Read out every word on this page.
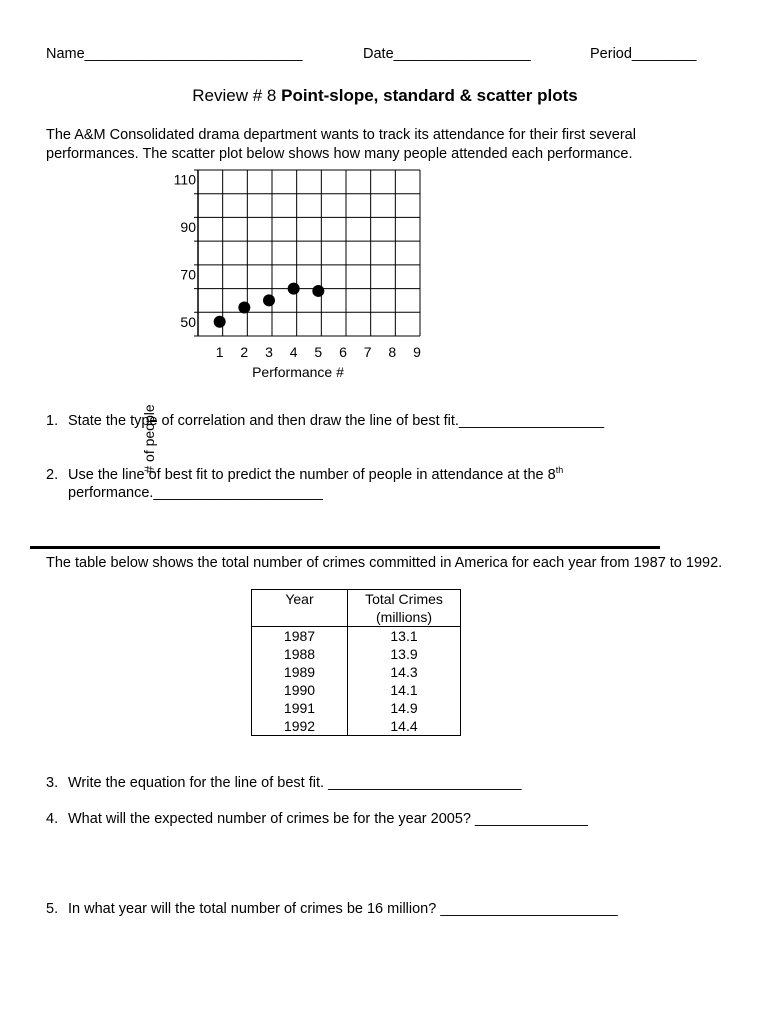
Name___________________________	Date_________________	Period________
Review # 8 Point-slope, standard & scatter plots
The A&M Consolidated drama department wants to track its attendance for their first several performances. The scatter plot below shows how many people attended each performance.
50
70
90
110
1 2 3 4 5 6 7 8 9
Performance #
# of people
1. State the type of correlation and then draw the line of best fit.__________________
2. Use the line of best fit to predict the number of people in attendance at the 8th
performance._____________________
The table below shows the total number of crimes committed in America for each year from 1987 to 1992.
Year	Total Crimes
(millions)

1987	13.1
1988	13.9
1989	14.3
1990	14.1
1991	14.9
1992	14.4
3. Write the equation for the line of best fit. ________________________
4. What will the expected number of crimes be for the year 2005? ______________
5. In what year will the total number of crimes be 16 million? ______________________
